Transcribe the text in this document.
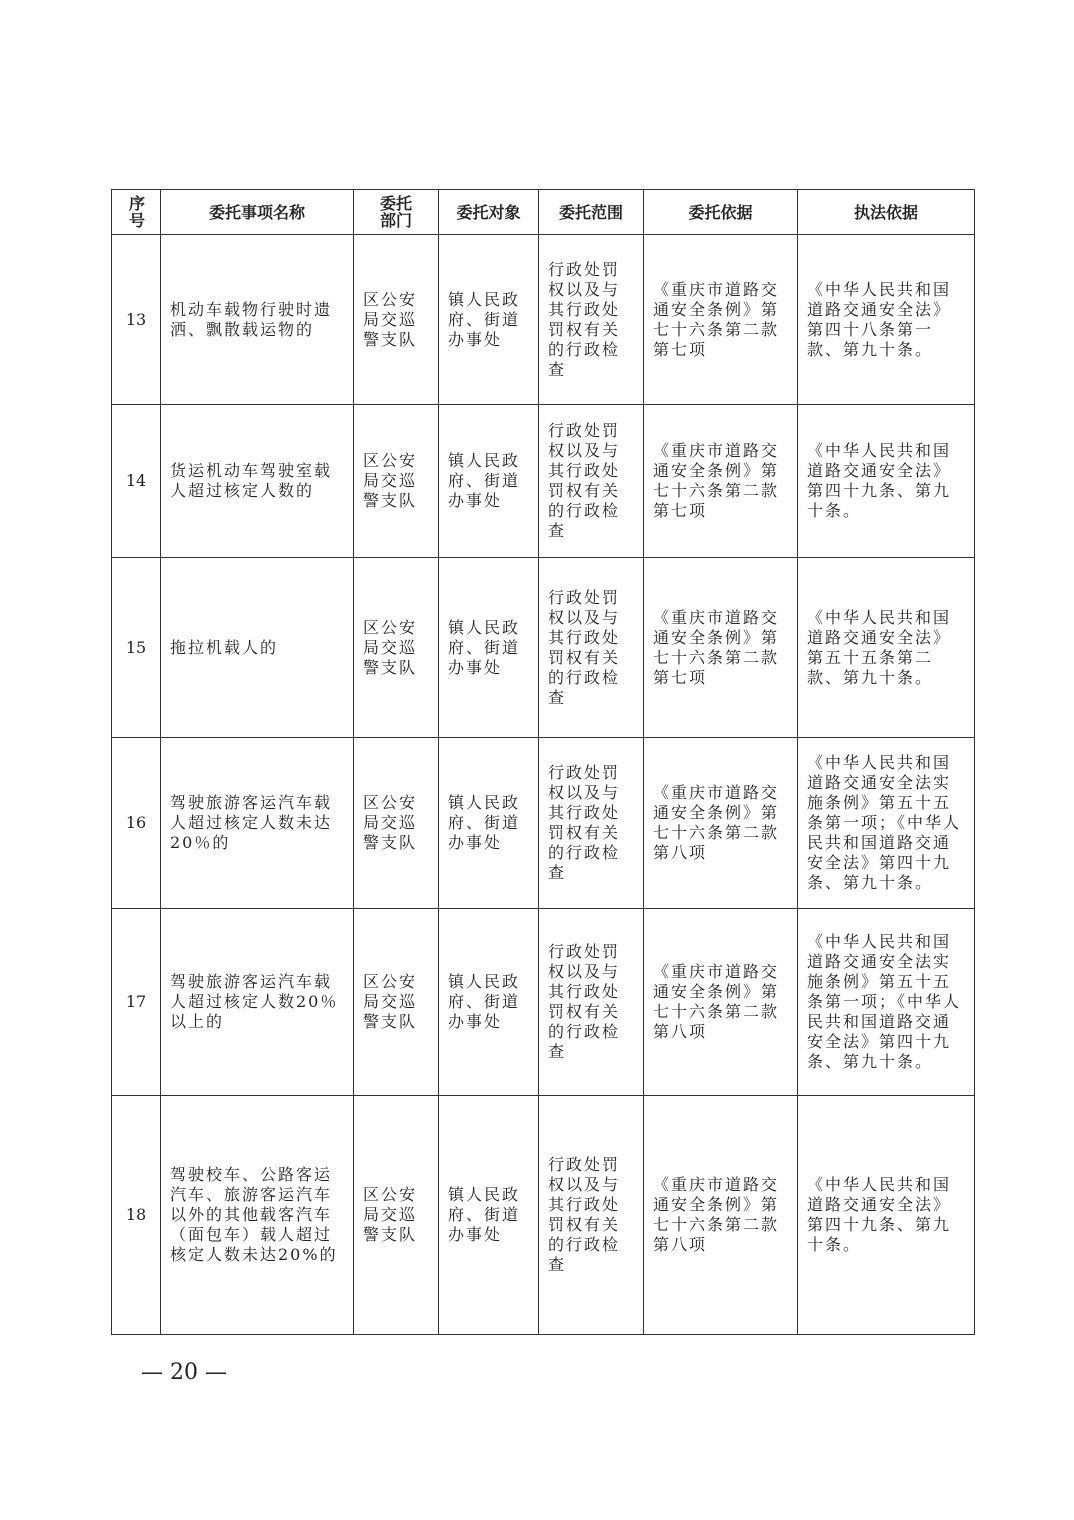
序号	委托事项名称	委托部门	委托对象	委托范围	委托依据	执法依据
13	机动车载物行驶时遗洒、飘散载运物的	区公安局交巡警支队	镇人民政府、街道办事处	行政处罚权以及与其行政处罚权有关的行政检查	《重庆市道路交通安全条例》第七十六条第二款第七项	《中华人民共和国道路交通安全法》第四十八条第一款、第九十条。
14	货运机动车驾驶室载人超过核定人数的	区公安局交巡警支队	镇人民政府、街道办事处	行政处罚权以及与其行政处罚权有关的行政检查	《重庆市道路交通安全条例》第七十六条第二款第七项	《中华人民共和国道路交通安全法》第四十九条、第九十条。
15	拖拉机载人的	区公安局交巡警支队	镇人民政府、街道办事处	行政处罚权以及与其行政处罚权有关的行政检查	《重庆市道路交通安全条例》第七十六条第二款第七项	《中华人民共和国道路交通安全法》第五十五条第二款、第九十条。
16	驾驶旅游客运汽车载人超过核定人数未达20％的	区公安局交巡警支队	镇人民政府、街道办事处	行政处罚权以及与其行政处罚权有关的行政检查	《重庆市道路交通安全条例》第七十六条第二款第八项	《中华人民共和国道路交通安全法实施条例》第五十五条第一项；《中华人民共和国道路交通安全法》第四十九条、第九十条。
17	驾驶旅游客运汽车载人超过核定人数20％以上的	区公安局交巡警支队	镇人民政府、街道办事处	行政处罚权以及与其行政处罚权有关的行政检查	《重庆市道路交通安全条例》第七十六条第二款第八项	《中华人民共和国道路交通安全法实施条例》第五十五条第一项；《中华人民共和国道路交通安全法》第四十九条、第九十条。
18	驾驶校车、公路客运汽车、旅游客运汽车以外的其他载客汽车（面包车）载人超过核定人数未达20%的	区公安局交巡警支队	镇人民政府、街道办事处	行政处罚权以及与其行政处罚权有关的行政检查	《重庆市道路交通安全条例》第七十六条第二款第八项	《中华人民共和国道路交通安全法》第四十九条、第九十条。
— 20 —
